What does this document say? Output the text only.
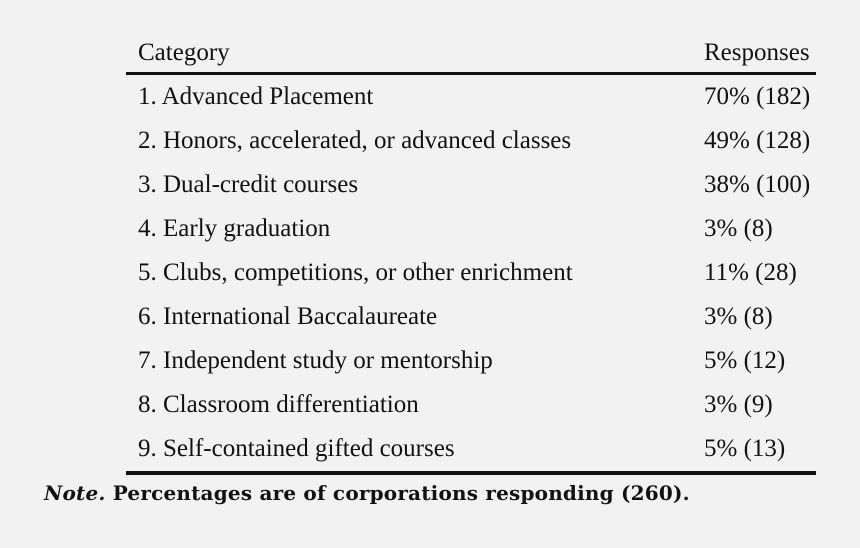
Category	Responses
1. Advanced Placement	70% (182)
2. Honors, accelerated, or advanced classes	49% (128)
3. Dual-credit courses	38% (100)
4. Early graduation	3% (8)
5. Clubs, competitions, or other enrichment	11% (28)
6. International Baccalaureate	3% (8)
7. Independent study or mentorship	5% (12)
8. Classroom differentiation	3% (9)
9. Self-contained gifted courses	5% (13)
Note. Percentages are of corporations responding (260).
